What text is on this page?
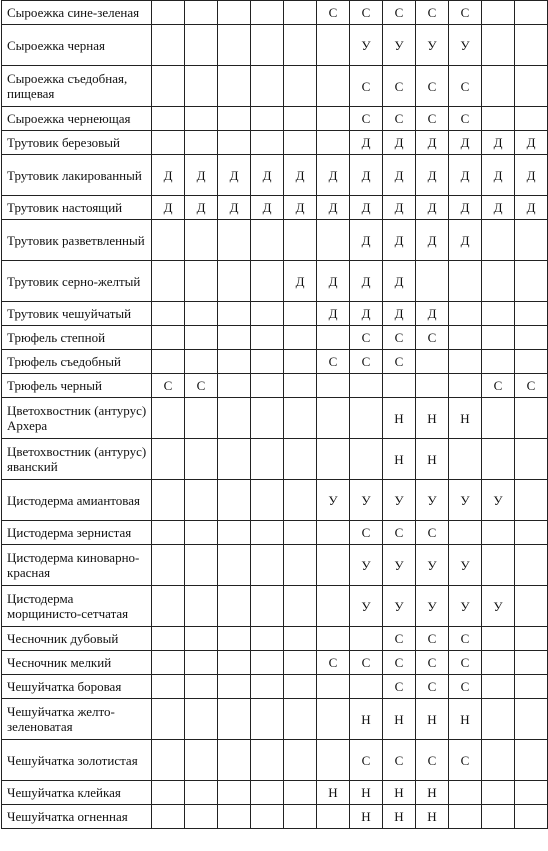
Сыроежка сине-зеленая						С	С	С	С	С		
Сыроежка черная							У	У	У	У		
Сыроежка съедобная, пищевая							С	С	С	С		
Сыроежка чернеющая							С	С	С	С		
Трутовик березовый							Д	Д	Д	Д	Д	Д
Трутовик лакированный	Д	Д	Д	Д	Д	Д	Д	Д	Д	Д	Д	Д
Трутовик настоящий	Д	Д	Д	Д	Д	Д	Д	Д	Д	Д	Д	Д
Трутовик разветвленный							Д	Д	Д	Д		
Трутовик серно-желтый					Д	Д	Д	Д				
Трутовик чешуйчатый						Д	Д	Д	Д			
Трюфель степной							С	С	С			
Трюфель съедобный						С	С	С				
Трюфель черный	С	С									С	С
Цветохвостник (антурус) Архера								Н	Н	Н		
Цветохвостник (антурус) яванский								Н	Н			
Цистодерма амиантовая						У	У	У	У	У	У	
Цистодерма зернистая							С	С	С			
Цистодерма киноварно-красная							У	У	У	У		
Цистодерма морщинисто-сетчатая							У	У	У	У	У	
Чесночник дубовый								С	С	С		
Чесночник мелкий						С	С	С	С	С		
Чешуйчатка боровая								С	С	С		
Чешуйчатка желто-зеленоватая							Н	Н	Н	Н		
Чешуйчатка золотистая							С	С	С	С		
Чешуйчатка клейкая						Н	Н	Н	Н			
Чешуйчатка огненная							Н	Н	Н			
